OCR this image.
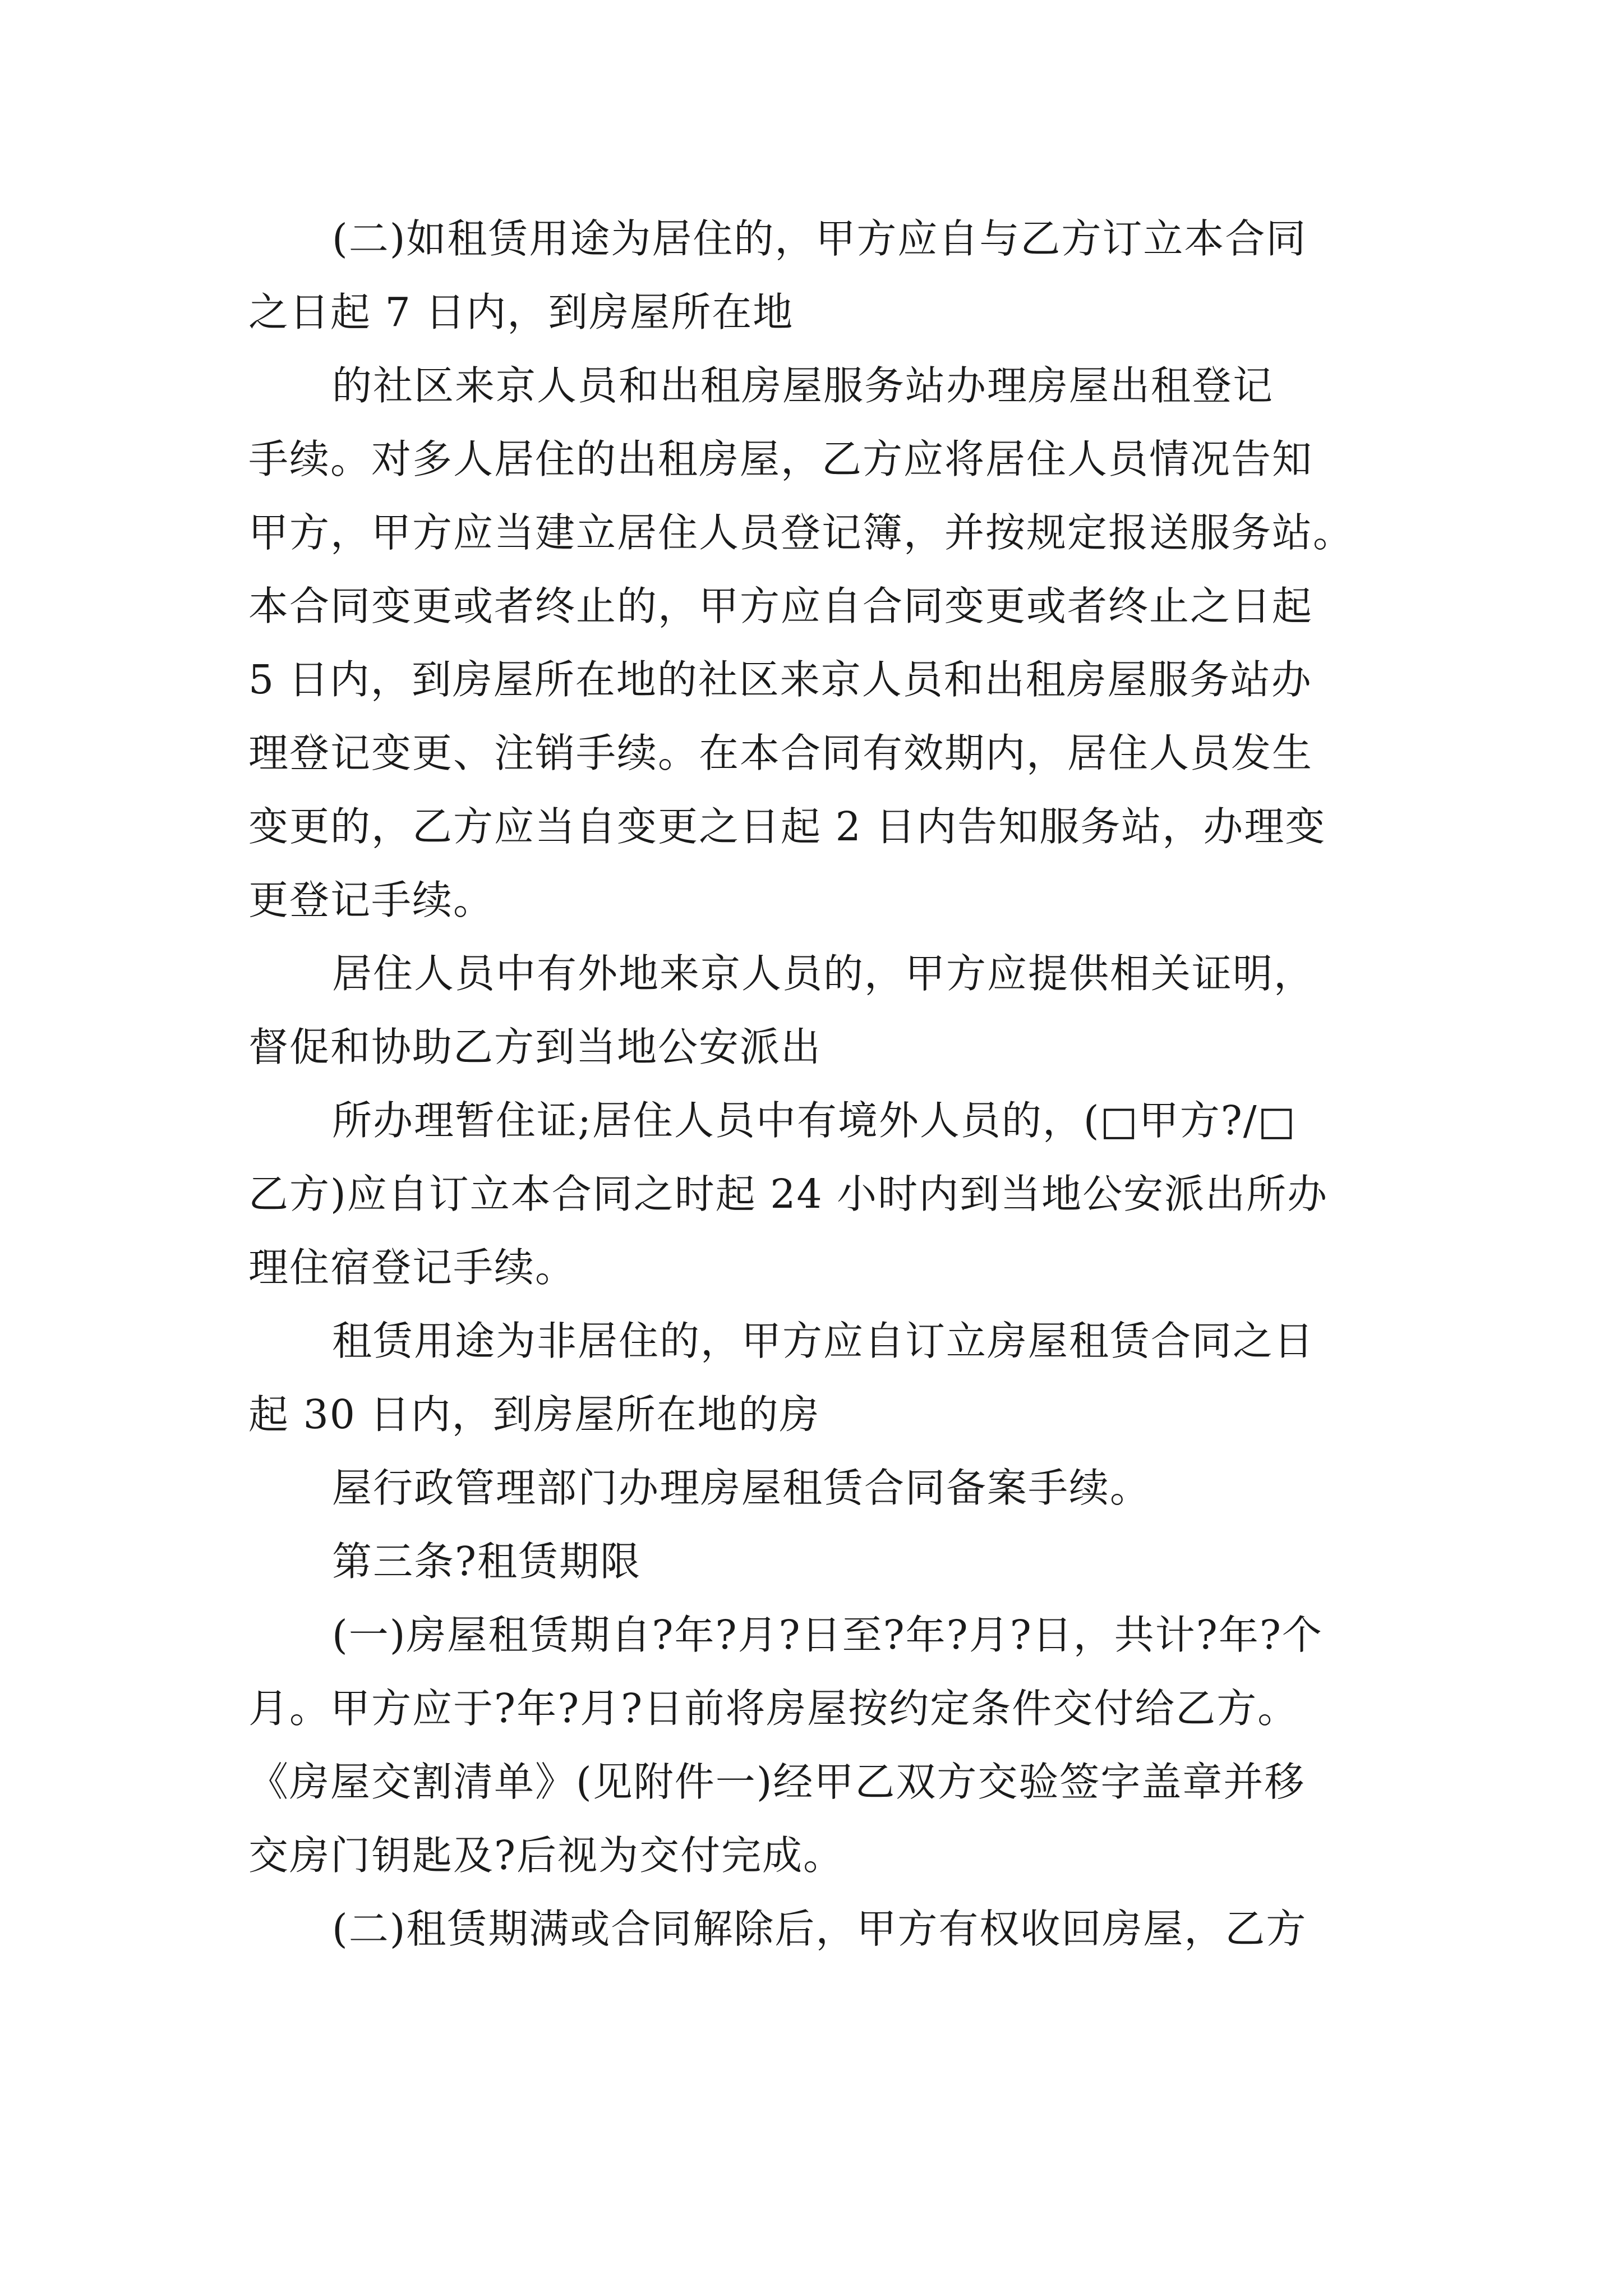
(二)如租赁用途为居住的，甲方应自与乙方订立本合同
之日起 7 日内，到房屋所在地
的社区来京人员和出租房屋服务站办理房屋出租登记
手续。对多人居住的出租房屋，乙方应将居住人员情况告知
甲方，甲方应当建立居住人员登记簿，并按规定报送服务站。
本合同变更或者终止的，甲方应自合同变更或者终止之日起
5 日内，到房屋所在地的社区来京人员和出租房屋服务站办
理登记变更、注销手续。在本合同有效期内，居住人员发生
变更的，乙方应当自变更之日起 2 日内告知服务站，办理变
更登记手续。
居住人员中有外地来京人员的，甲方应提供相关证明，
督促和协助乙方到当地公安派出
所办理暂住证;居住人员中有境外人员的，(□甲方?/□
乙方)应自订立本合同之时起 24 小时内到当地公安派出所办
理住宿登记手续。
租赁用途为非居住的，甲方应自订立房屋租赁合同之日
起 30 日内，到房屋所在地的房
屋行政管理部门办理房屋租赁合同备案手续。
第三条?租赁期限
(一)房屋租赁期自?年?月?日至?年?月?日，共计?年?个
月。甲方应于?年?月?日前将房屋按约定条件交付给乙方。
《房屋交割清单》(见附件一)经甲乙双方交验签字盖章并移
交房门钥匙及?后视为交付完成。
(二)租赁期满或合同解除后，甲方有权收回房屋，乙方
